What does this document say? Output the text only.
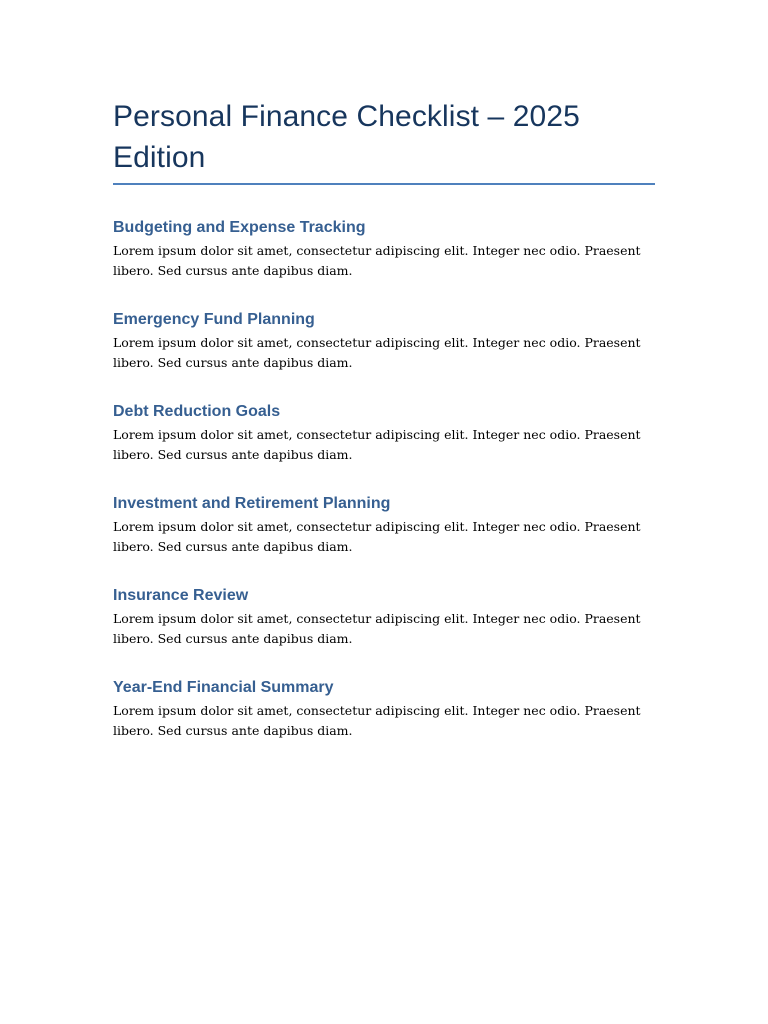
Personal Finance Checklist – 2025 Edition
Budgeting and Expense Tracking

Lorem ipsum dolor sit amet, consectetur adipiscing elit. Integer nec odio. Praesent libero. Sed cursus ante dapibus diam.

Emergency Fund Planning

Lorem ipsum dolor sit amet, consectetur adipiscing elit. Integer nec odio. Praesent libero. Sed cursus ante dapibus diam.

Debt Reduction Goals

Lorem ipsum dolor sit amet, consectetur adipiscing elit. Integer nec odio. Praesent libero. Sed cursus ante dapibus diam.

Investment and Retirement Planning

Lorem ipsum dolor sit amet, consectetur adipiscing elit. Integer nec odio. Praesent libero. Sed cursus ante dapibus diam.

Insurance Review

Lorem ipsum dolor sit amet, consectetur adipiscing elit. Integer nec odio. Praesent libero. Sed cursus ante dapibus diam.

Year-End Financial Summary

Lorem ipsum dolor sit amet, consectetur adipiscing elit. Integer nec odio. Praesent libero. Sed cursus ante dapibus diam.
